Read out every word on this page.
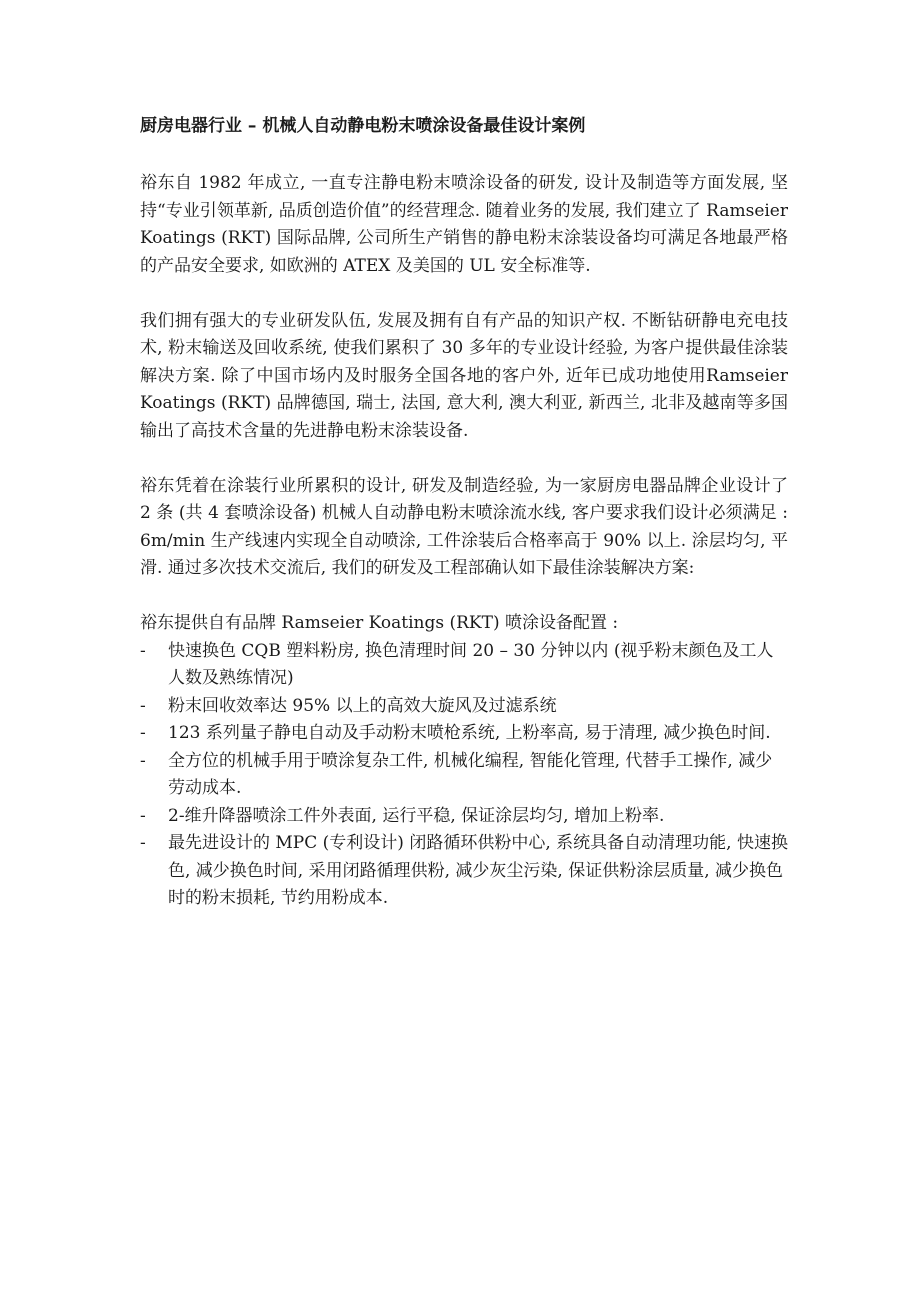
厨房电器行业 – 机械人自动静电粉末喷涂设备最佳设计案例

裕东自 1982 年成立, 一直专注静电粉末喷涂设备的研发, 设计及制造等方面发展, 坚持“专业引领革新, 品质创造价值”的经营理念. 随着业务的发展, 我们建立了 Ramseier Koatings (RKT) 国际品牌, 公司所生产销售的静电粉末涂装设备均可满足各地最严格的产品安全要求, 如欧洲的 ATEX 及美国的 UL 安全标准等.

我们拥有强大的专业研发队伍, 发展及拥有自有产品的知识产权. 不断钻研静电充电技术, 粉末输送及回收系统, 使我们累积了 30 多年的专业设计经验, 为客户提供最佳涂装解决方案. 除了中国市场内及时服务全国各地的客户外, 近年已成功地使用Ramseier Koatings (RKT) 品牌德国, 瑞士, 法国, 意大利, 澳大利亚, 新西兰, 北非及越南等多国输出了高技术含量的先进静电粉末涂装设备.

裕东凭着在涂装行业所累积的设计, 研发及制造经验, 为一家厨房电器品牌企业设计了 2 条 (共 4 套喷涂设备) 机械人自动静电粉末喷涂流水线, 客户要求我们设计必须满足 : 6m/min 生产线速内实现全自动喷涂, 工件涂装后合格率高于 90% 以上. 涂层均匀, 平滑. 通过多次技术交流后, 我们的研发及工程部确认如下最佳涂装解决方案:

裕东提供自有品牌 Ramseier Koatings (RKT) 喷涂设备配置 :

-	快速换色 CQB 塑料粉房, 换色清理时间 20 – 30 分钟以内 (视乎粉末颜色及工人人数及熟练情况)
-	粉末回收效率达 95% 以上的高效大旋风及过滤系统
-	123 系列量子静电自动及手动粉末喷枪系统, 上粉率高, 易于清理, 减少换色时间.
-	全方位的机械手用于喷涂复杂工件, 机械化编程, 智能化管理, 代替手工操作, 减少劳动成本.
-	2-维升降器喷涂工件外表面, 运行平稳, 保证涂层均匀, 增加上粉率.
-	最先进设计的 MPC (专利设计) 闭路循环供粉中心, 系统具备自动清理功能, 快速换色, 减少换色时间, 采用闭路循理供粉, 减少灰尘污染, 保证供粉涂层质量, 减少换色时的粉末损耗, 节约用粉成本.
